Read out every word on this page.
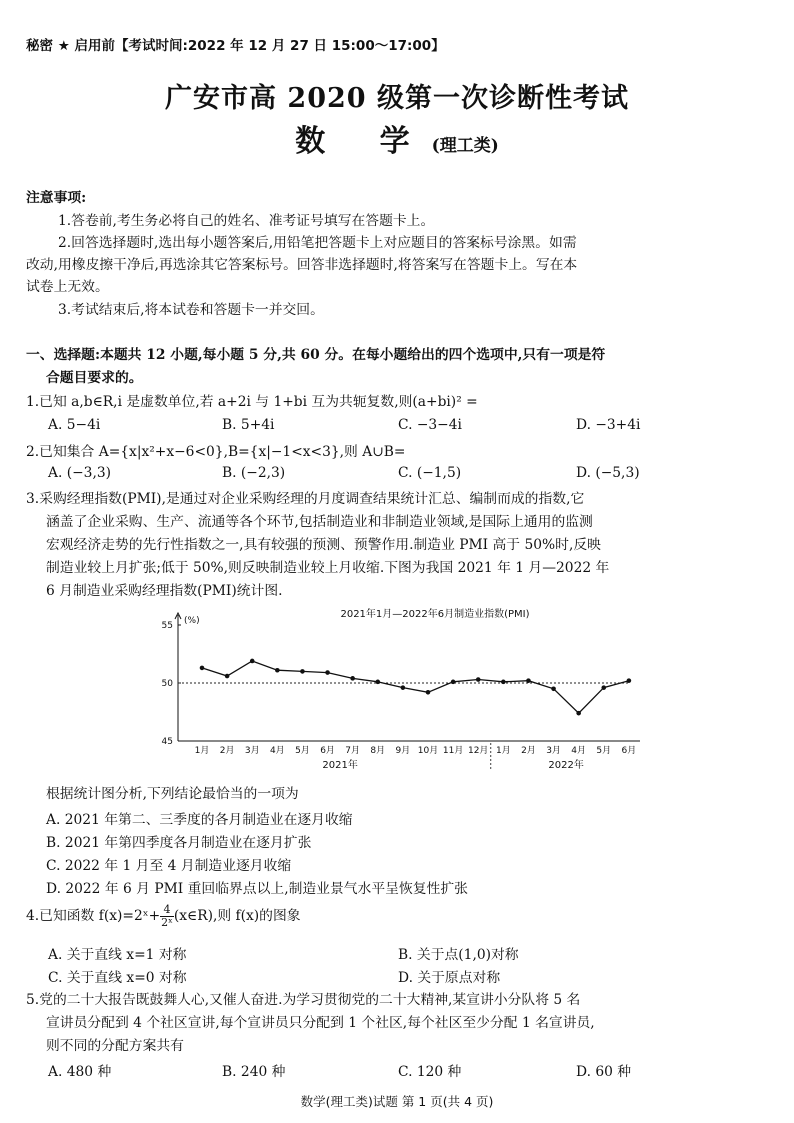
秘密 ★ 启用前【考试时间:2022 年 12 月 27 日 15:00～17:00】
广安市高 2020 级第一次诊断性考试
数 学(理工类)
注意事项:
1.答卷前,考生务必将自己的姓名、准考证号填写在答题卡上。
2.回答选择题时,选出每小题答案后,用铅笔把答题卡上对应题目的答案标号涂黑。如需
改动,用橡皮擦干净后,再选涂其它答案标号。回答非选择题时,将答案写在答题卡上。写在本
试卷上无效。
3.考试结束后,将本试卷和答题卡一并交回。
一、选择题:本题共 12 小题,每小题 5 分,共 60 分。在每小题给出的四个选项中,只有一项是符
合题目要求的。
1.已知 a,b∈R,i 是虚数单位,若 a+2i 与 1+bi 互为共轭复数,则(a+bi)² =
A. 5−4i	B. 5+4i	C. −3−4i	D. −3+4i
2.已知集合 A={x|x²+x−6<0},B={x|−1<x<3},则 A∪B=
A. (−3,3)	B. (−2,3)	C. (−1,5)	D. (−5,3)
3.采购经理指数(PMI),是通过对企业采购经理的月度调查结果统计汇总、编制而成的指数,它
涵盖了企业采购、生产、流通等各个环节,包括制造业和非制造业领域,是国际上通用的监测
宏观经济走势的先行性指数之一,具有较强的预测、预警作用.制造业 PMI 高于 50%时,反映
制造业较上月扩张;低于 50%,则反映制造业较上月收缩.下图为我国 2021 年 1 月—2022 年
6 月制造业采购经理指数(PMI)统计图.
2021年1月—2022年6月制造业指数(PMI)
(%)
45
50
55
1月 2月 3月 4月 5月 6月 7月 8月 9月 10月 11月 12月 1月 2月 3月 4月 5月 6月
2021年	2022年
根据统计图分析,下列结论最恰当的一项为
A. 2021 年第二、三季度的各月制造业在逐月收缩
B. 2021 年第四季度各月制造业在逐月扩张
C. 2022 年 1 月至 4 月制造业逐月收缩
D. 2022 年 6 月 PMI 重回临界点以上,制造业景气水平呈恢复性扩张
4.已知函数 f(x)=2ˣ+ $\frac{4}{\text{2ˣ}}$ (x∈R),则 f(x)的图象
A. 关于直线 x=1 对称	B. 关于点(1,0)对称
C. 关于直线 x=0 对称	D. 关于原点对称
5.党的二十大报告既鼓舞人心,又催人奋进.为学习贯彻党的二十大精神,某宣讲小分队将 5 名
宣讲员分配到 4 个社区宣讲,每个宣讲员只分配到 1 个社区,每个社区至少分配 1 名宣讲员,
则不同的分配方案共有
A. 480 种	B. 240 种	C. 120 种	D. 60 种
数学(理工类)试题 第 1 页(共 4 页)
